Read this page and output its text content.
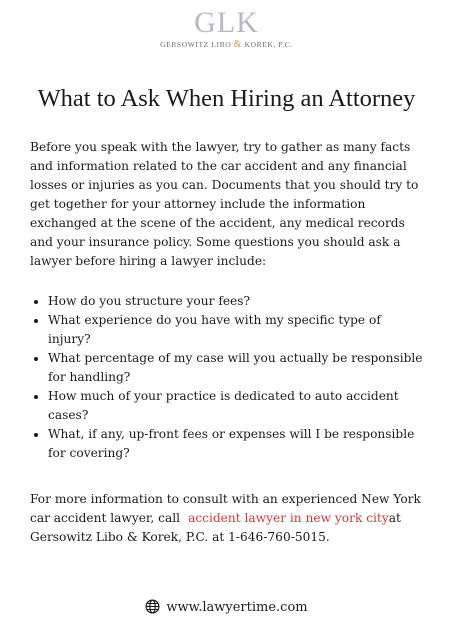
GLK
GERSOWITZ LIBO & KOREK, P.C.
What to Ask When Hiring an Attorney

Before you speak with the lawyer, try to gather as many facts and information related to the car accident and any financial losses or injuries as you can. Documents that you should try to get together for your attorney include the information exchanged at the scene of the accident, any medical records and your insurance policy. Some questions you should ask a lawyer before hiring a lawyer include:

• How do you structure your fees?
• What experience do you have with my specific type of injury?
• What percentage of my case will you actually be responsible for handling?
• How much of your practice is dedicated to auto accident cases?
• What, if any, up-front fees or expenses will I be responsible for covering?

For more information to consult with an experienced New York car accident lawyer, call accident lawyer in new york cityat Gersowitz Libo & Korek, P.C. at 1-646-760-5015.

www.lawyertime.com
